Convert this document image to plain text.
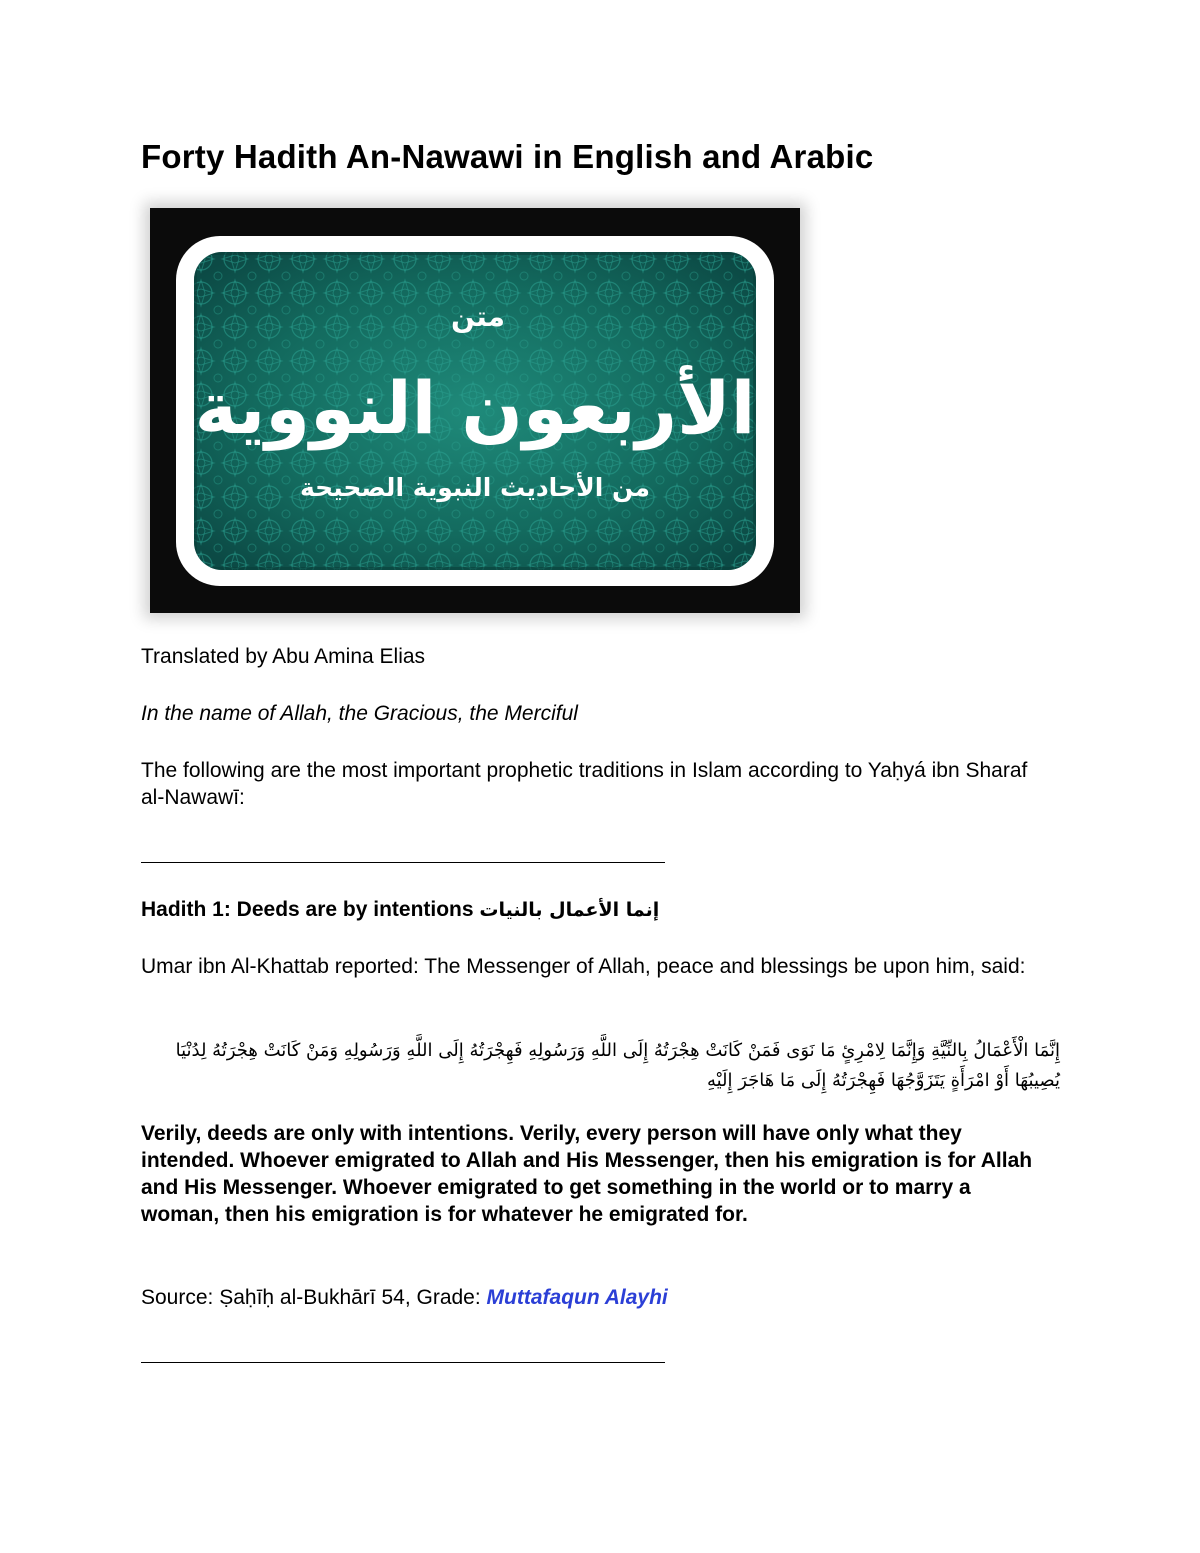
Forty Hadith An-Nawawi in English and Arabic
متن
الأربعون النووية
من الأحاديث النبوية الصحيحة

Translated by Abu Amina Elias

In the name of Allah, the Gracious, the Merciful

The following are the most important prophetic traditions in Islam according to Yaḥyá ibn Sharaf al-Nawawī:

Hadith 1: Deeds are by intentions إنما الأعمال بالنيات

Umar ibn Al-Khattab reported: The Messenger of Allah, peace and blessings be upon him, said:

إِنَّمَا الْأَعْمَالُ بِالنِّيَّةِ وَإِنَّمَا لِامْرِئٍ مَا نَوَى فَمَنْ كَانَتْ هِجْرَتُهُ إِلَى اللَّهِ وَرَسُولِهِ فَهِجْرَتُهُ إِلَى اللَّهِ وَرَسُولِهِ وَمَنْ كَانَتْ هِجْرَتُهُ لِدُنْيَا يُصِيبُهَا أَوْ امْرَأَةٍ يَتَزَوَّجُهَا فَهِجْرَتُهُ إِلَى مَا هَاجَرَ إِلَيْهِ

Verily, deeds are only with intentions. Verily, every person will have only what they intended. Whoever emigrated to Allah and His Messenger, then his emigration is for Allah and His Messenger. Whoever emigrated to get something in the world or to marry a woman, then his emigration is for whatever he emigrated for.

Source: Ṣaḥīḥ al-Bukhārī 54, Grade: Muttafaqun Alayhi
